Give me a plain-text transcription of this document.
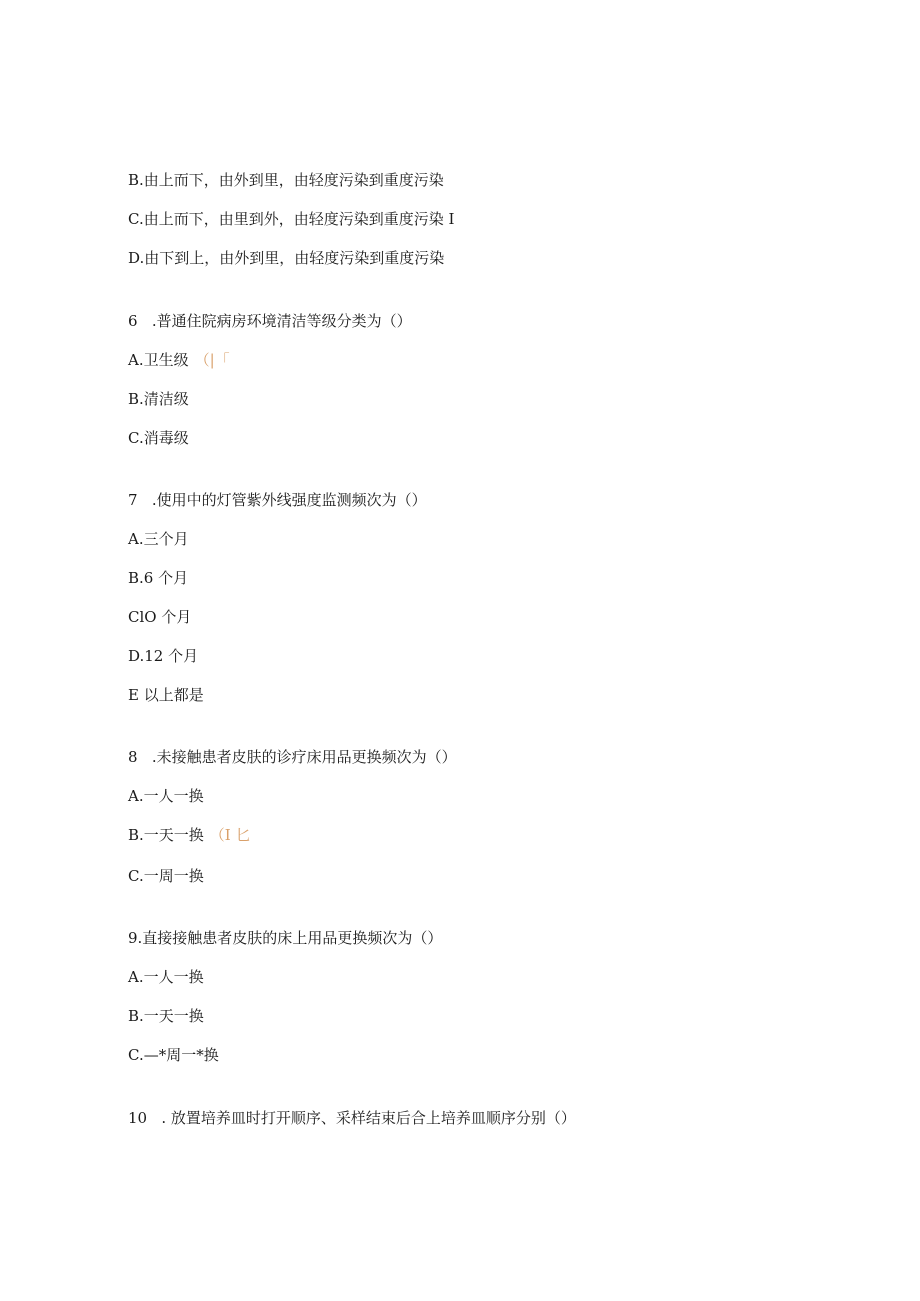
B.由上而下，由外到里，由轻度污染到重度污染
C.由上而下，由里到外，由轻度污染到重度污染 I
D.由下到上，由外到里，由轻度污染到重度污染
6   .普通住院病房环境清洁等级分类为（）
A.卫生级 （|「
B.清洁级
C.消毒级
7   .使用中的灯管紫外线强度监测频次为（）
A.三个月
B.6 个月
ClO 个月
D.12 个月
E 以上都是
8   .未接触患者皮肤的诊疗床用品更换频次为（）
A.一人一换
B.一天一换 （I 匕
C.一周一换
9.直接接触患者皮肤的床上用品更换频次为（）
A.一人一换
B.一天一换
C.—*周一*换
10   . 放置培养皿时打开顺序、采样结束后合上培养皿顺序分别（）
